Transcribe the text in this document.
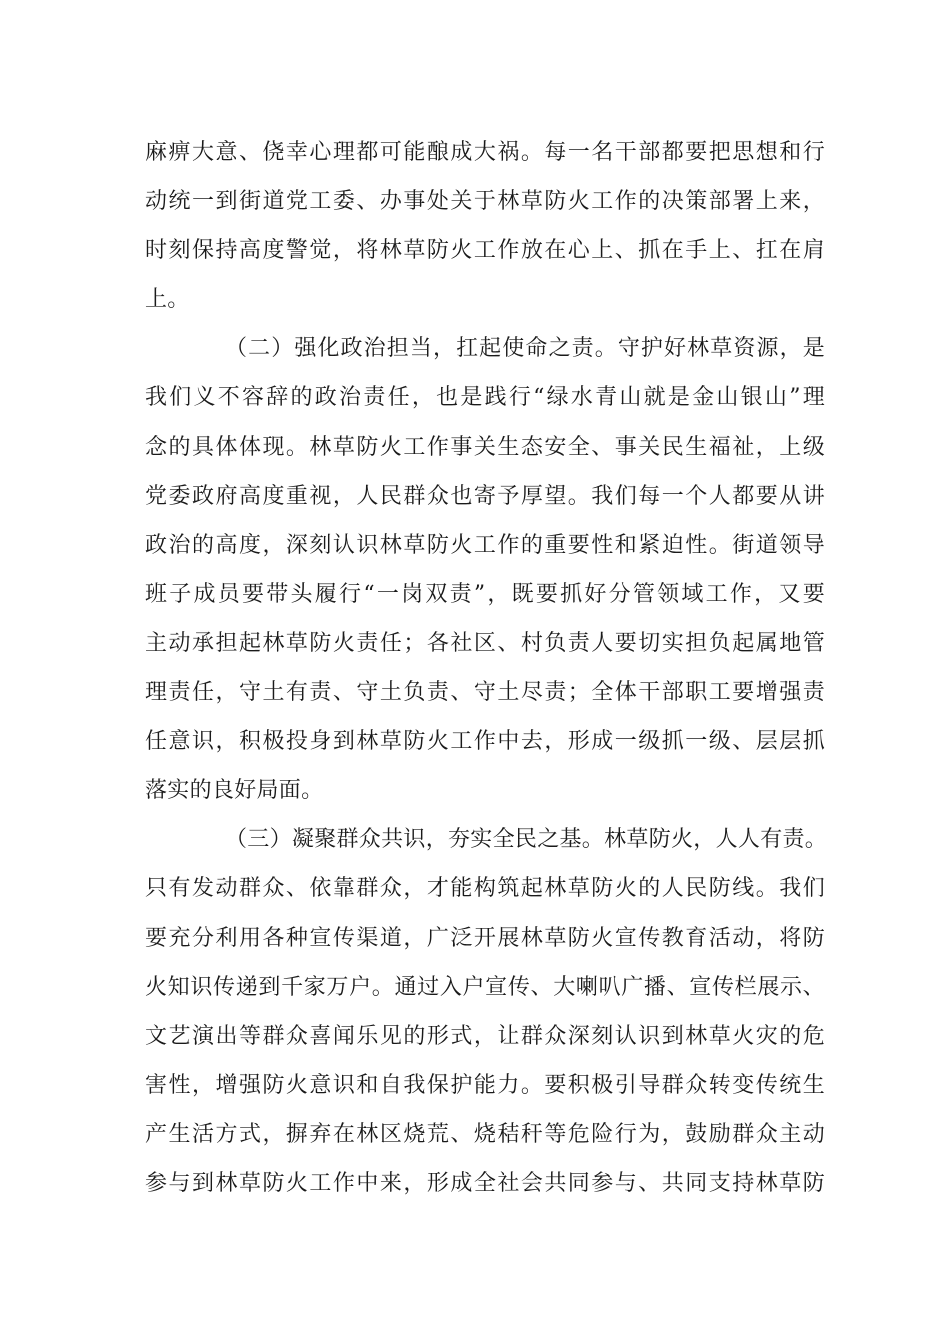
麻痹大意、侥幸心理都可能酿成大祸。每一名干部都要把思想和行
动统一到街道党工委、办事处关于林草防火工作的决策部署上来，
时刻保持高度警觉，将林草防火工作放在心上、抓在手上、扛在肩
上。
（二）强化政治担当，扛起使命之责。守护好林草资源，是
我们义不容辞的政治责任，也是践行“绿水青山就是金山银山”理
念的具体体现。林草防火工作事关生态安全、事关民生福祉，上级
党委政府高度重视，人民群众也寄予厚望。我们每一个人都要从讲
政治的高度，深刻认识林草防火工作的重要性和紧迫性。街道领导
班子成员要带头履行“一岗双责”，既要抓好分管领域工作，又要
主动承担起林草防火责任；各社区、村负责人要切实担负起属地管
理责任，守土有责、守土负责、守土尽责；全体干部职工要增强责
任意识，积极投身到林草防火工作中去，形成一级抓一级、层层抓
落实的良好局面。
（三）凝聚群众共识，夯实全民之基。林草防火，人人有责。
只有发动群众、依靠群众，才能构筑起林草防火的人民防线。我们
要充分利用各种宣传渠道，广泛开展林草防火宣传教育活动，将防
火知识传递到千家万户。通过入户宣传、大喇叭广播、宣传栏展示、
文艺演出等群众喜闻乐见的形式，让群众深刻认识到林草火灾的危
害性，增强防火意识和自我保护能力。要积极引导群众转变传统生
产生活方式，摒弃在林区烧荒、烧秸秆等危险行为，鼓励群众主动
参与到林草防火工作中来，形成全社会共同参与、共同支持林草防
